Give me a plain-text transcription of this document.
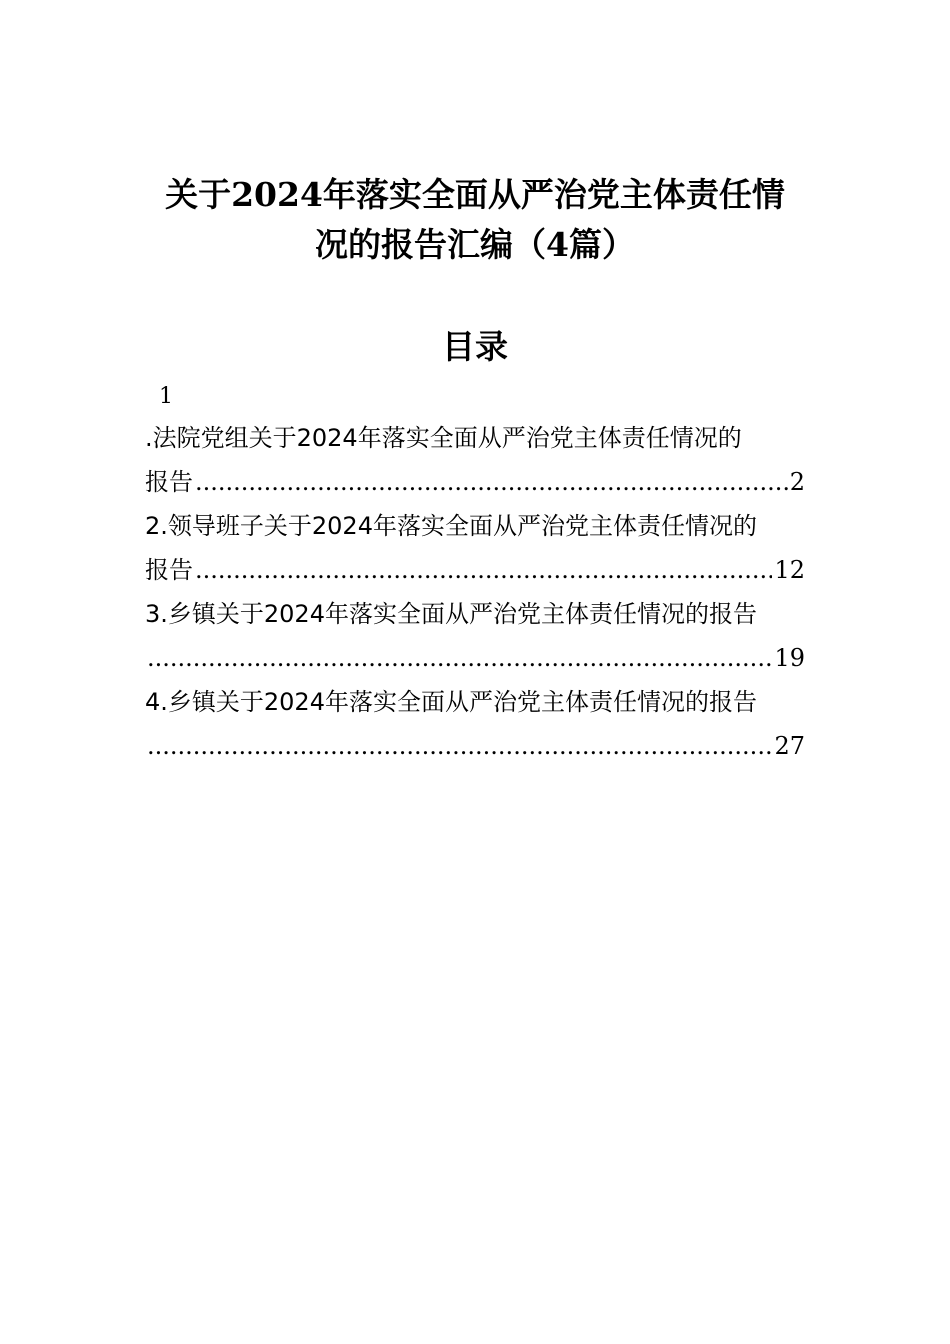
关于2024年落实全面从严治党主体责任情
况的报告汇编（4篇）
目录
1
.法院党组关于2024年落实全面从严治党主体责任情况的
报告 .....	2
2.领导班子关于2024年落实全面从严治党主体责任情况的
报告 .....	12
3.乡镇关于2024年落实全面从严治党主体责任情况的报告
.....
19
4.乡镇关于2024年落实全面从严治党主体责任情况的报告
.....
27
